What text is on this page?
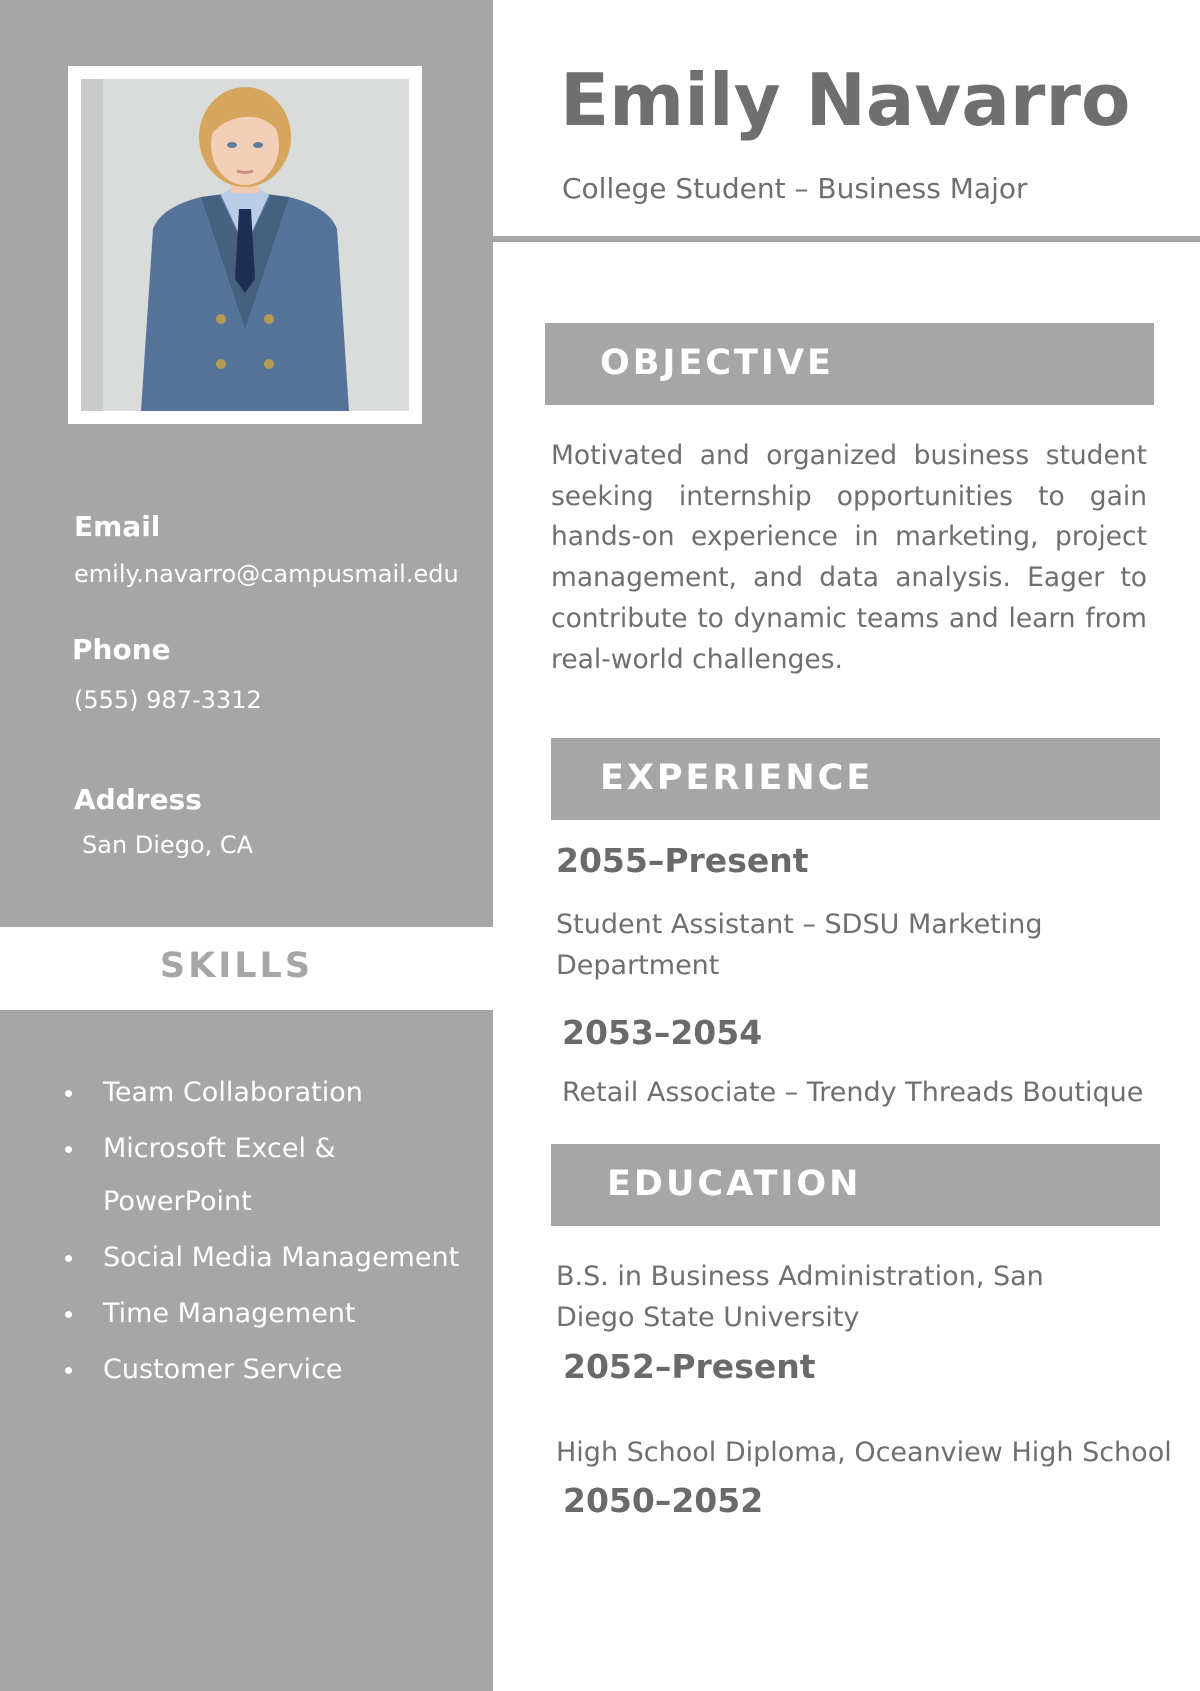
Email

emily.navarro@campusmail.edu

Phone

(555) 987-3312

Address

San Diego, CA

SKILLS

Team Collaboration
Microsoft Excel & PowerPoint
Social Media Management
Time Management
Customer Service
Emily Navarro

College Student – Business Major

OBJECTIVE

Motivated and organized business student seeking internship opportunities to gain hands-on experience in marketing, project management, and data analysis. Eager to contribute to dynamic teams and learn from real-world challenges.

EXPERIENCE

2055–Present

Student Assistant – SDSU Marketing Department

2053–2054

Retail Associate – Trendy Threads Boutique

EDUCATION

B.S. in Business Administration, San Diego State University

2052–Present

High School Diploma, Oceanview High School

2050–2052
